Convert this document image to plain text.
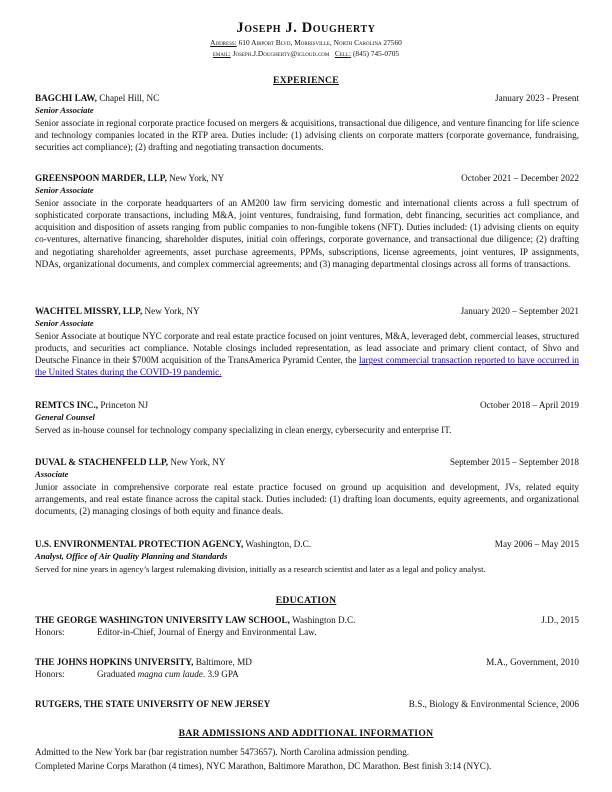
Joseph J. Dougherty
Address: 610 Airport Blvd, Morrisville, North Carolina 27560
email: Joseph.J.Dougherty@icloud.com Cell: (845) 745-0705
EXPERIENCE
BAGCHI LAW, Chapel Hill, NC	January 2023 - Present
Senior Associate
Senior associate in regional corporate practice focused on mergers & acquisitions, transactional due diligence, and venture financing for life science and technology companies located in the RTP area. Duties include: (1) advising clients on corporate matters (corporate governance, fundraising, securities act compliance); (2) drafting and negotiating transaction documents.
GREENSPOON MARDER, LLP, New York, NY	October 2021 – December 2022
Senior Associate
Senior associate in the corporate headquarters of an AM200 law firm servicing domestic and international clients across a full spectrum of sophisticated corporate transactions, including M&A, joint ventures, fundraising, fund formation, debt financing, securities act compliance, and acquisition and disposition of assets ranging from public companies to non-fungible tokens (NFT). Duties included: (1) advising clients on equity co-ventures, alternative financing, shareholder disputes, initial coin offerings, corporate governance, and transactional due diligence; (2) drafting and negotiating shareholder agreements, asset purchase agreements, PPMs, subscriptions, license agreements, joint ventures, IP assignments, NDAs, organizational documents, and complex commercial agreements; and (3) managing departmental closings across all forms of transactions.
WACHTEL MISSRY, LLP, New York, NY	January 2020 – September 2021
Senior Associate
Senior Associate at boutique NYC corporate and real estate practice focused on joint ventures, M&A, leveraged debt, commercial leases, structured products, and securities act compliance. Notable closings included representation, as lead associate and primary client contact, of Shvo and Deutsche Finance in their $700M acquisition of the TransAmerica Pyramid Center, the largest commercial transaction reported to have occurred in the United States during the COVID-19 pandemic.
REMTCS INC., Princeton NJ	October 2018 – April 2019
General Counsel
Served as in-house counsel for technology company specializing in clean energy, cybersecurity and enterprise IT.
DUVAL & STACHENFELD LLP, New York, NY	September 2015 – September 2018
Associate
Junior associate in comprehensive corporate real estate practice focused on ground up acquisition and development, JVs, related equity arrangements, and real estate finance across the capital stack. Duties included: (1) drafting loan documents, equity agreements, and organizational documents, (2) managing closings of both equity and finance deals.
U.S. ENVIRONMENTAL PROTECTION AGENCY, Washington, D.C.	May 2006 – May 2015
Analyst, Office of Air Quality Planning and Standards
Served for nine years in agency’s largest rulemaking division, initially as a research scientist and later as a legal and policy analyst.
EDUCATION
THE GEORGE WASHINGTON UNIVERSITY LAW SCHOOL, Washington D.C.	J.D., 2015
Honors:	Editor-in-Chief, Journal of Energy and Environmental Law.
THE JOHNS HOPKINS UNIVERSITY, Baltimore, MD	M.A., Government, 2010
Honors:	Graduated magna cum laude. 3.9 GPA
RUTGERS, THE STATE UNIVERSITY OF NEW JERSEY	B.S., Biology & Environmental Science, 2006
BAR ADMISSIONS AND ADDITIONAL INFORMATION
Admitted to the New York bar (bar registration number 5473657). North Carolina admission pending.
Completed Marine Corps Marathon (4 times), NYC Marathon, Baltimore Marathon, DC Marathon. Best finish 3:14 (NYC).
